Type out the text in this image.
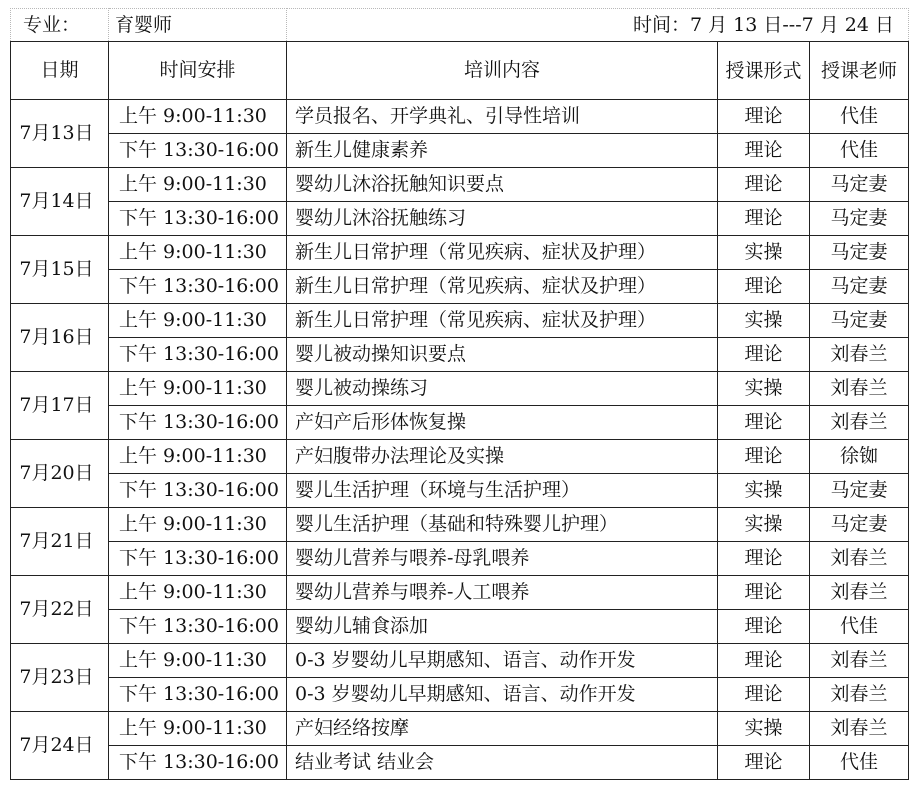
专业：	育婴师	时间：7 月 13 日---7 月 24 日		
日期	时间安排	培训内容	授课形式	授课老师
7月13日	上午 9:00-11:30	学员报名、开学典礼、引导性培训	理论	代佳
	下午 13:30-16:00	新生儿健康素养	理论	代佳
7月14日	上午 9:00-11:30	婴幼儿沐浴抚触知识要点	理论	马定妻
	下午 13:30-16:00	婴幼儿沐浴抚触练习	理论	马定妻
7月15日	上午 9:00-11:30	新生儿日常护理（常见疾病、症状及护理）	实操	马定妻
	下午 13:30-16:00	新生儿日常护理（常见疾病、症状及护理）	理论	马定妻
7月16日	上午 9:00-11:30	新生儿日常护理（常见疾病、症状及护理）	实操	马定妻
	下午 13:30-16:00	婴儿被动操知识要点	理论	刘春兰
7月17日	上午 9:00-11:30	婴儿被动操练习	实操	刘春兰
	下午 13:30-16:00	产妇产后形体恢复操	理论	刘春兰
7月20日	上午 9:00-11:30	产妇腹带办法理论及实操	理论	徐铷
	下午 13:30-16:00	婴儿生活护理（环境与生活护理）	实操	马定妻
7月21日	上午 9:00-11:30	婴儿生活护理（基础和特殊婴儿护理）	实操	马定妻
	下午 13:30-16:00	婴幼儿营养与喂养-母乳喂养	理论	刘春兰
7月22日	上午 9:00-11:30	婴幼儿营养与喂养-人工喂养	理论	刘春兰
	下午 13:30-16:00	婴幼儿辅食添加	理论	代佳
7月23日	上午 9:00-11:30	0-3 岁婴幼儿早期感知、语言、动作开发	理论	刘春兰
	下午 13:30-16:00	0-3 岁婴幼儿早期感知、语言、动作开发	理论	刘春兰
7月24日	上午 9:00-11:30	产妇经络按摩	实操	刘春兰
	下午 13:30-16:00	结业考试 结业会	理论	代佳
